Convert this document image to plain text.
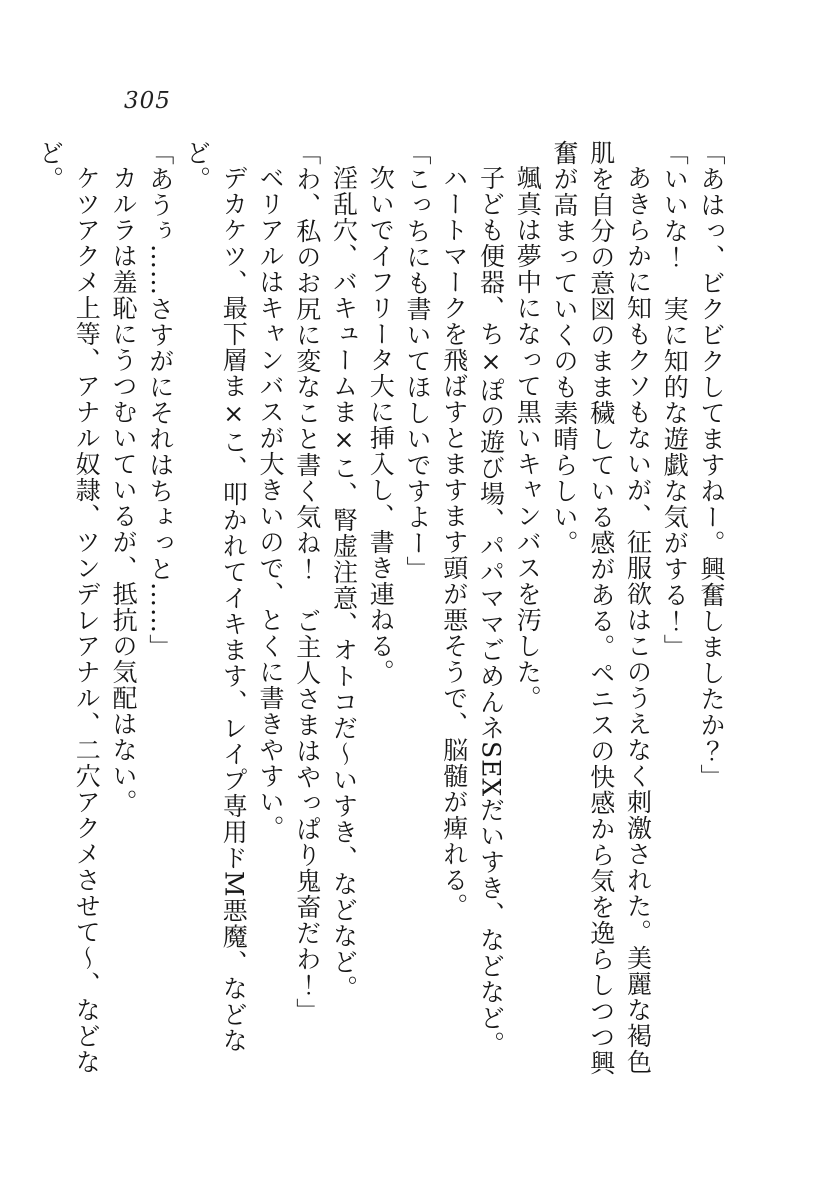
305

「あはっ、ビクビクしてますねー。興奮しましたか？」

「いいな！　実に知的な遊戯な気がする！」

あきらかに知もクソもないが、征服欲はこのうえなく刺激された。美麗な褐色肌を自分の意図のまま穢している感がある。ペニスの快感から気を逸らしつつ興奮が高まっていくのも素晴らしい。

颯真は夢中になって黒いキャンバスを汚した。

子ども便器、ち×ぽの遊び場、パパママごめんネSEXだいすき、などなど。

ハートマークを飛ばすとますます頭が悪そうで、脳髄が痺れる。

「こっちにも書いてほしいですよー」

次いでイフリータ大に挿入し、書き連ねる。

淫乱穴、バキュームま×こ、腎虚注意、オトコだ～いすき、などなど。

「わ、私のお尻に変なこと書く気ね！　ご主人さまはやっぱり鬼畜だわ！」

ベリアルはキャンバスが大きいので、とくに書きやすい。

デカケツ、最下層ま×こ、叩かれてイキます、レイプ専用ドM悪魔、などなど。

「あうぅ……さすがにそれはちょっと……」

カルラは羞恥にうつむいているが、抵抗の気配はない。

ケツアクメ上等、アナル奴隷、ツンデレアナル、二穴アクメさせて～、などなど。
